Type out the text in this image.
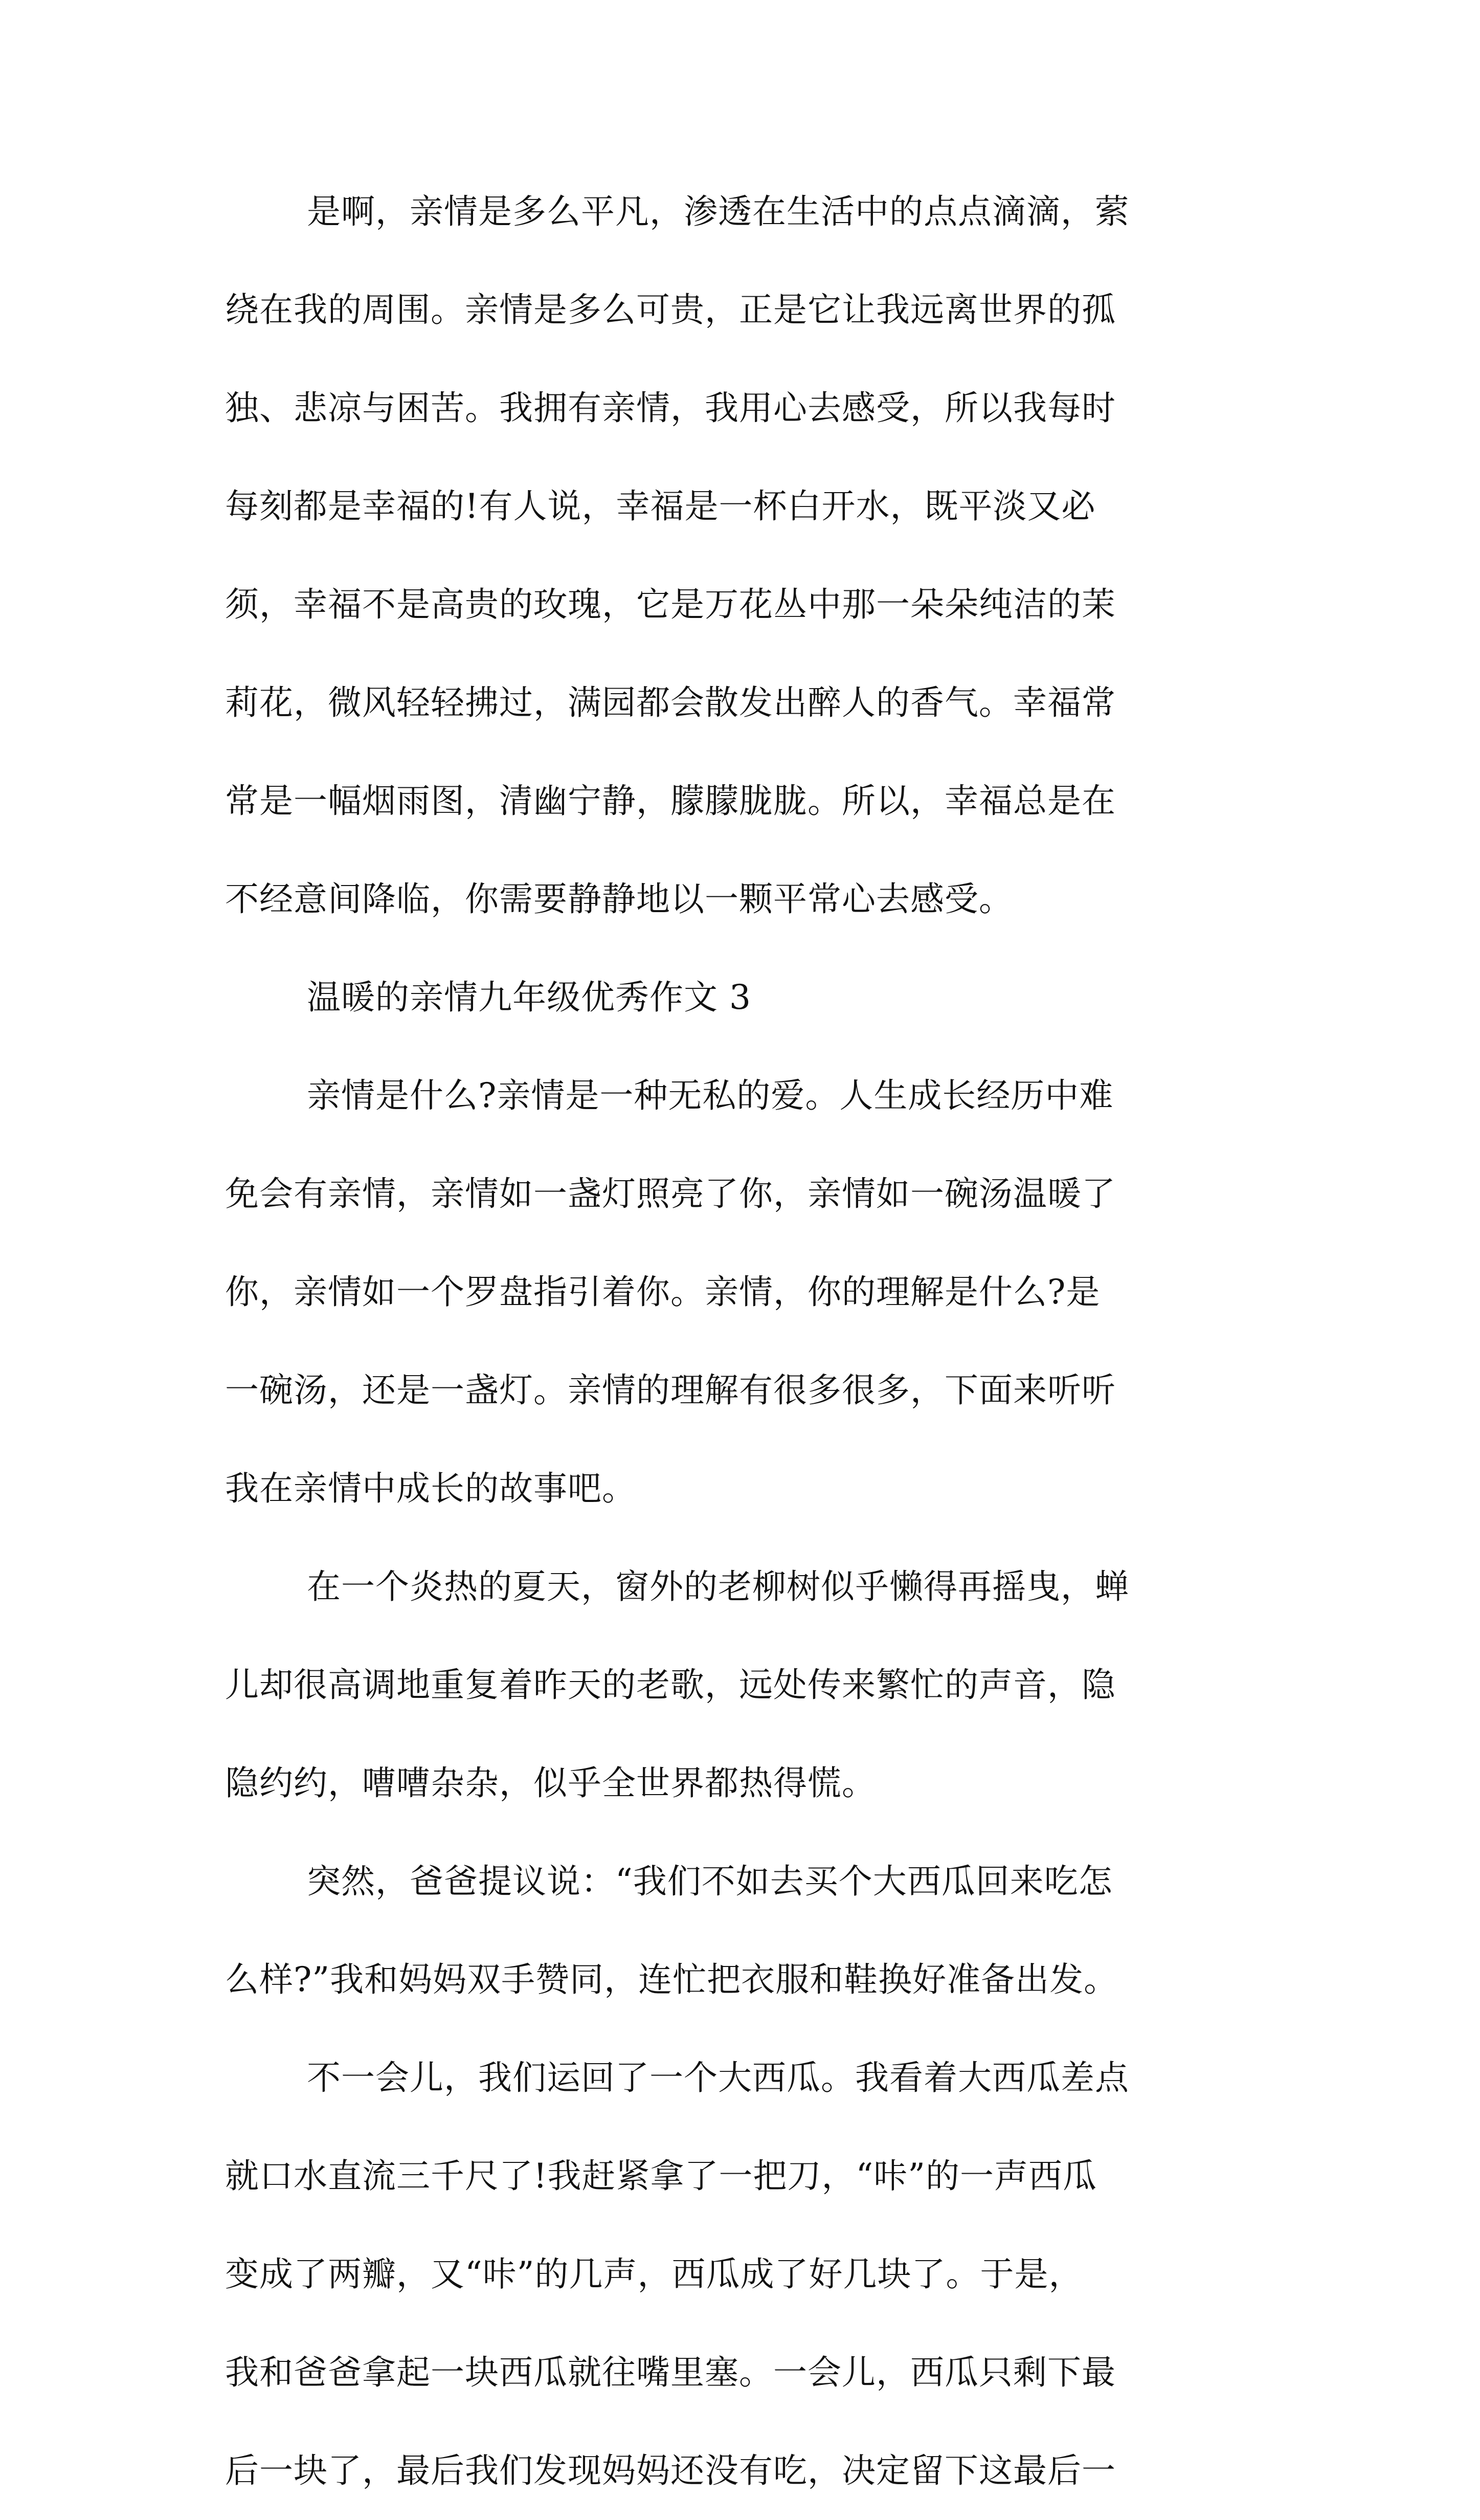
是啊，亲情是多么平凡，渗透在生活中的点点滴滴，萦
绕在我的周围。亲情是多么可贵，正是它让我远离世界的孤
独、悲凉与困苦。我拥有亲情，我用心去感受，所以我每时
每刻都是幸福的!有人说，幸福是一杯白开水，既平淡又必
须，幸福不是高贵的玫瑰，它是万花丛中那一朵朵纯洁的茉
莉花，微风轻轻拂过，满园都会散发出醉人的香气。幸福常
常是一幅烟雨图，清幽宁静，朦朦胧胧。所以，幸福总是在
不经意间降临，你需要静静地以一颗平常心去感受。
温暖的亲情九年级优秀作文 3
亲情是什么?亲情是一种无私的爱。人生成长经历中难
免会有亲情，亲情如一盏灯照亮了你，亲情如一碗汤温暖了
你，亲情如一个罗盘指引着你。亲情，你的理解是什么?是
一碗汤，还是一盏灯。亲情的理解有很多很多，下面来听听
我在亲情中成长的故事吧。
在一个炎热的夏天，窗外的老柳树似乎懒得再摇曳，蝉
儿却很高调地重复着昨天的老歌，远处传来繁忙的声音，隐
隐约约，嘈嘈杂杂，似乎全世界都热得慌。
突然，爸爸提议说：“我们不如去买个大西瓜回来吃怎
么样?”我和妈妈双手赞同，连忙把衣服和鞋换好准备出发。
不一会儿，我们运回了一个大西瓜。我看着大西瓜差点
就口水直流三千尺了!我赶紧拿了一把刀，“咔”的一声西瓜
变成了两瓣，又“咔”的几声，西瓜成了好几块了。于是，
我和爸爸拿起一块西瓜就往嘴里塞。一会儿，西瓜只剩下最
后一块了，最后我们发现妈妈还没有吃，决定留下这最后一
